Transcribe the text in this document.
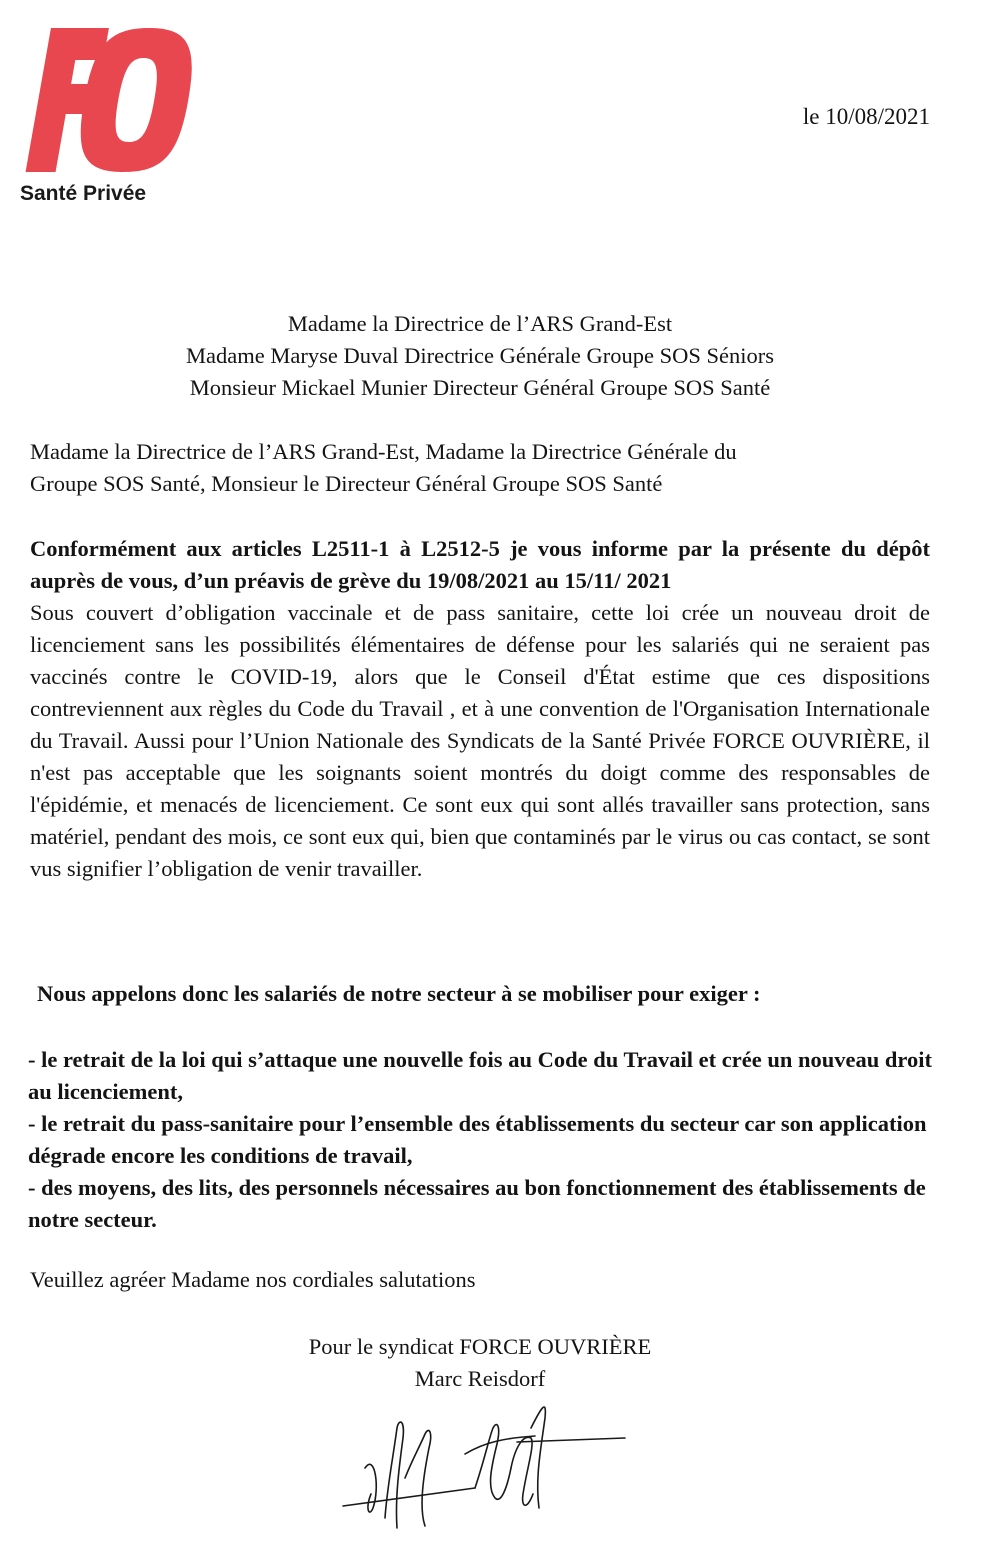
Santé Privée
le 10/08/2021
Madame la Directrice de l’ARS Grand-Est
Madame Maryse Duval Directrice Générale Groupe SOS Séniors
Monsieur Mickael Munier Directeur Général Groupe SOS Santé
Madame la Directrice de l’ARS Grand-Est, Madame la Directrice Générale du
Groupe SOS Santé, Monsieur le Directeur Général Groupe SOS Santé
Conformément aux articles L2511-1 à L2512-5 je vous informe par la présente du dépôt auprès de vous, d’un préavis de grève du 19/08/2021 au 15/11/ 2021
Sous couvert d’obligation vaccinale et de pass sanitaire, cette loi crée un nouveau droit de licenciement sans les possibilités élémentaires de défense pour les salariés qui ne seraient pas vaccinés contre le COVID-19, alors que le Conseil d'État estime que ces dispositions contreviennent aux règles du Code du Travail , et à une convention de l'Organisation Internationale du Travail. Aussi pour l’Union Nationale des Syndicats de la Santé Privée FORCE OUVRIÈRE, il n'est pas acceptable que les soignants soient montrés du doigt comme des responsables de l'épidémie, et menacés de licenciement. Ce sont eux qui sont allés travailler sans protection, sans matériel, pendant des mois, ce sont eux qui, bien que contaminés par le virus ou cas contact, se sont vus signifier l’obligation de venir travailler.
Nous appelons donc les salariés de notre secteur à se mobiliser pour exiger :
- le retrait de la loi qui s’attaque une nouvelle fois au Code du Travail et crée un nouveau droit au licenciement,
- le retrait du pass-sanitaire pour l’ensemble des établissements du secteur car son application dégrade encore les conditions de travail,
- des moyens, des lits, des personnels nécessaires au bon fonctionnement des établissements de notre secteur.
Veuillez agréer Madame nos cordiales salutations
Pour le syndicat FORCE OUVRIÈRE
Marc Reisdorf
